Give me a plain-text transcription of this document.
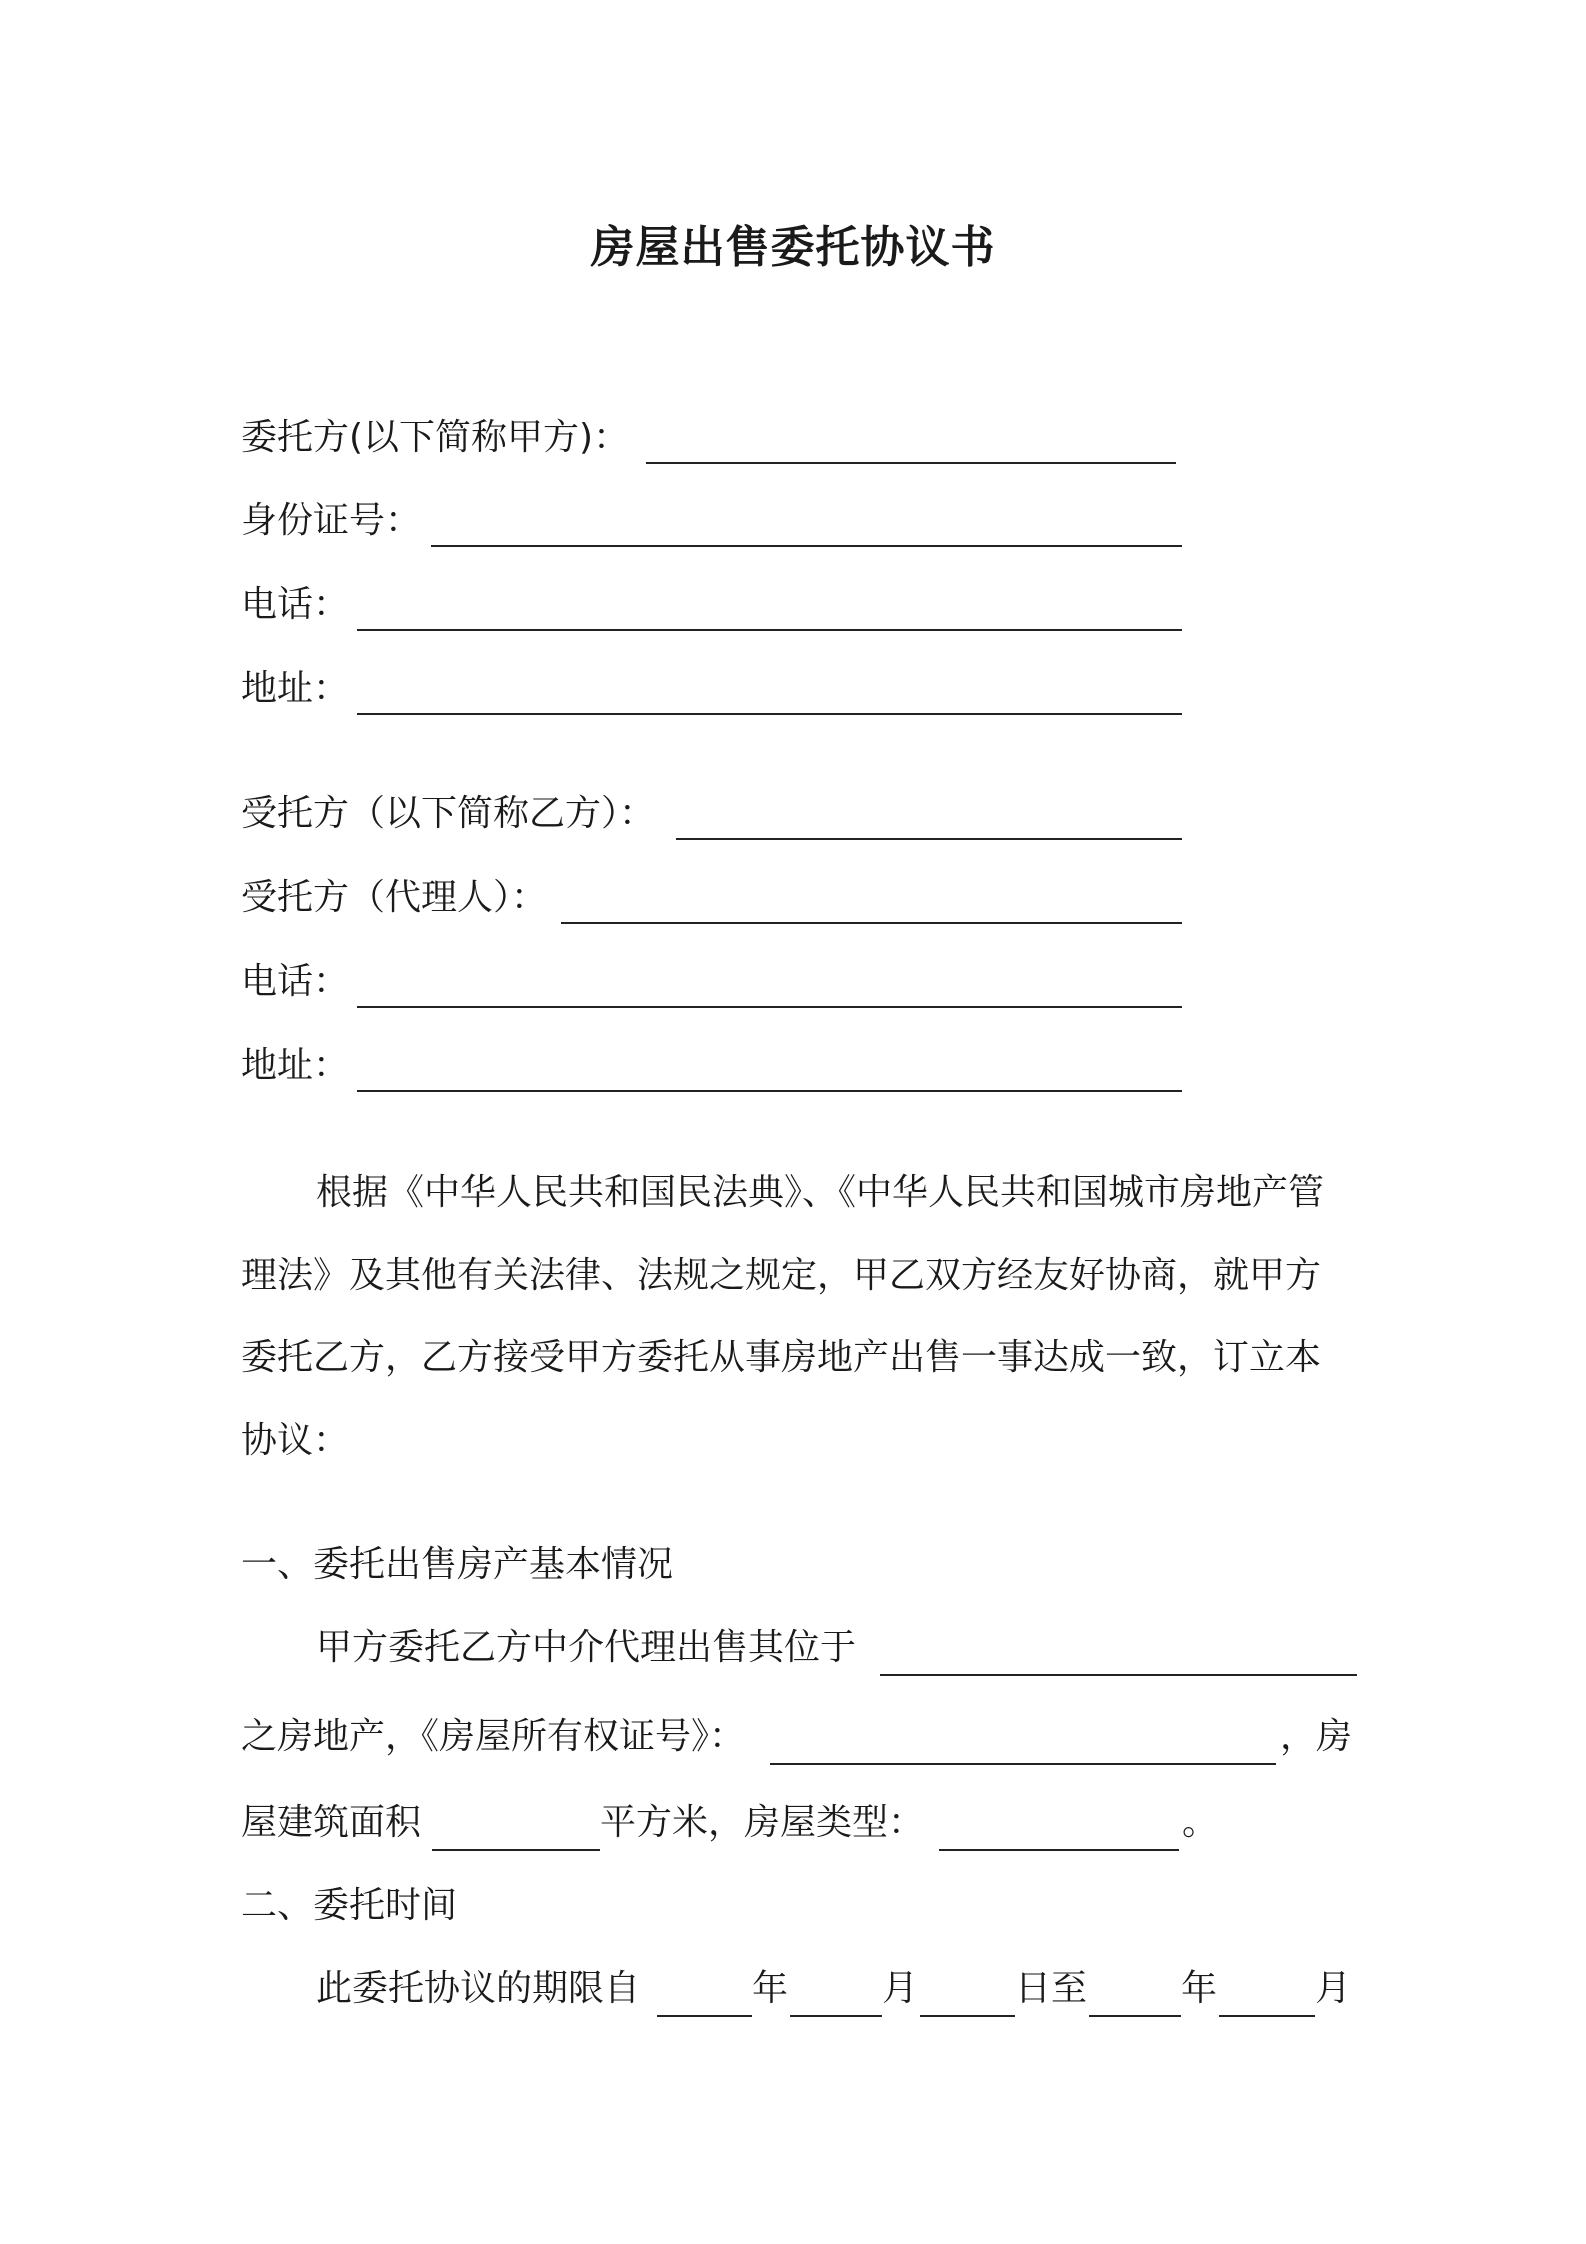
房屋出售委托协议书
委托方(以下简称甲方)：
身份证号：
电话：
地址：
受托方（以下简称乙方）：
受托方（代理人）：
电话：
地址：
根据《中华人民共和国民法典》、《中华人民共和国城市房地产管
理法》及其他有关法律、法规之规定，甲乙双方经友好协商，就甲方
委托乙方，乙方接受甲方委托从事房地产出售一事达成一致，订立本
协议：
一、委托出售房产基本情况
甲方委托乙方中介代理出售其位于
之房地产，《房屋所有权证号》：	，房
屋建筑面积	平方米，房屋类型：	。
二、委托时间
此委托协议的期限自	年	月	日至	年	月
